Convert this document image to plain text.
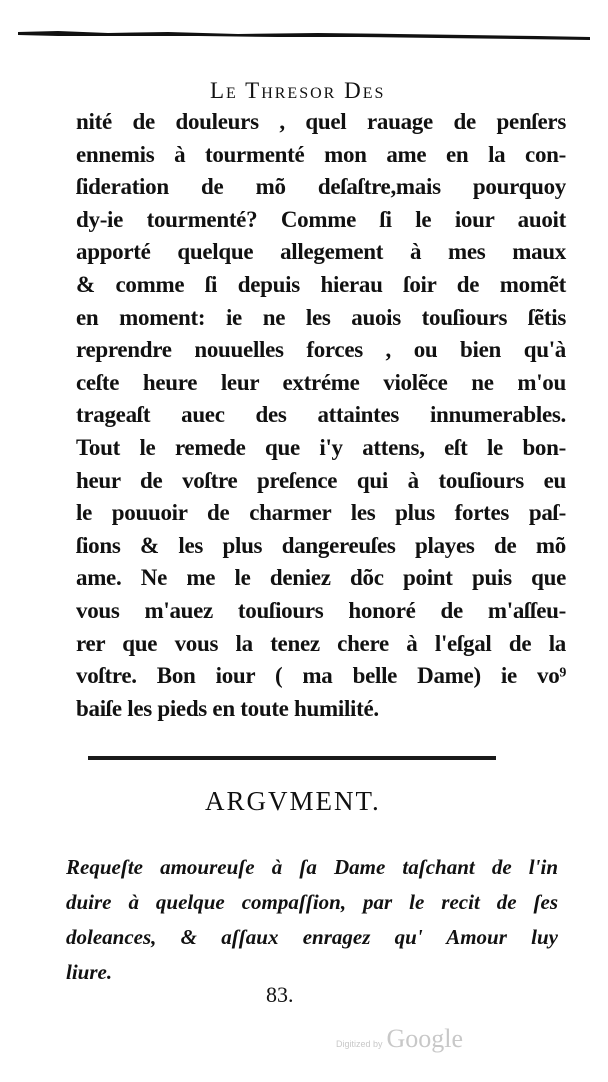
Le Thresor Des
nité de douleurs , quel rauage de penſers
ennemis à tourmenté mon ame en la con-
ſideration de mõ deſaſtre,mais pourquoy
dy-ie tourmenté? Comme ſi le iour auoit
apporté quelque allegement à mes maux
& comme ſi depuis hierau ſoir de momẽt
en moment: ie ne les auois touſiours ſẽtis
reprendre nouuelles forces , ou bien qu'à
ceſte heure leur extréme violẽce ne m'ou
trageaſt auec des attaintes innumerables.
Tout le remede que i'y attens, eſt le bon-
heur de voſtre preſence qui à touſiours eu
le pouuoir de charmer les plus fortes paſ-
ſions & les plus dangereuſes playes de mõ
ame. Ne me le deniez dõc point puis que
vous m'auez touſiours honoré de m'aſſeu-
rer que vous la tenez chere à l'eſgal de la
voſtre. Bon iour ( ma belle Dame) ie vo⁹
baiſe les pieds en toute humilité.
ARGVMENT.
Requeſte amoureuſe à ſa Dame taſchant de l'in
duire à quelque compaſſion, par le recit de ſes
doleances, & aſſaux enragez qu' Amour luy
liure.
83.
Digitized by Google
